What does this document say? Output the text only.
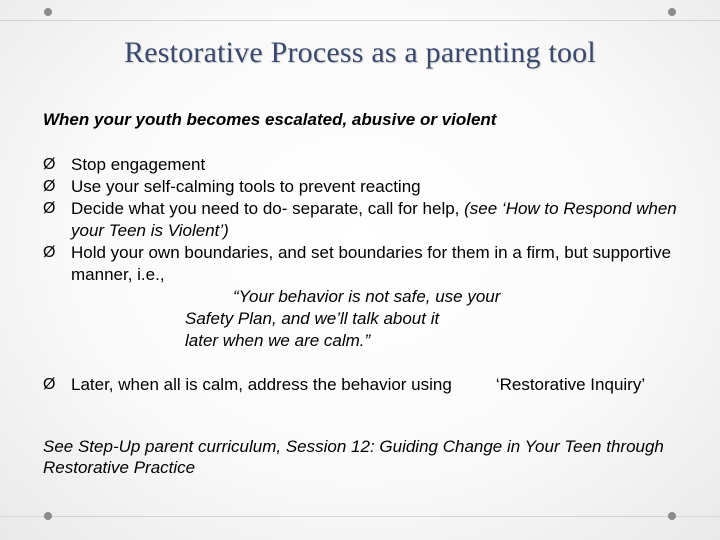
Restorative Process as a parenting tool
When your youth becomes escalated, abusive or violent
Ø Stop engagement
Ø Use your self-calming tools to prevent reacting
Ø Decide what you need to do- separate, call for help, (see ‘How to Respond when your Teen is Violent’)
Ø Hold your own boundaries, and set boundaries for them in a firm, but supportive manner, i.e.,
“Your behavior is not safe, use your
Safety Plan, and we’ll talk about it
later when we are calm.”
Ø Later, when all is calm, address the behavior using	‘Restorative Inquiry’
See Step-Up parent curriculum, Session 12: Guiding Change in Your Teen through Restorative Practice
